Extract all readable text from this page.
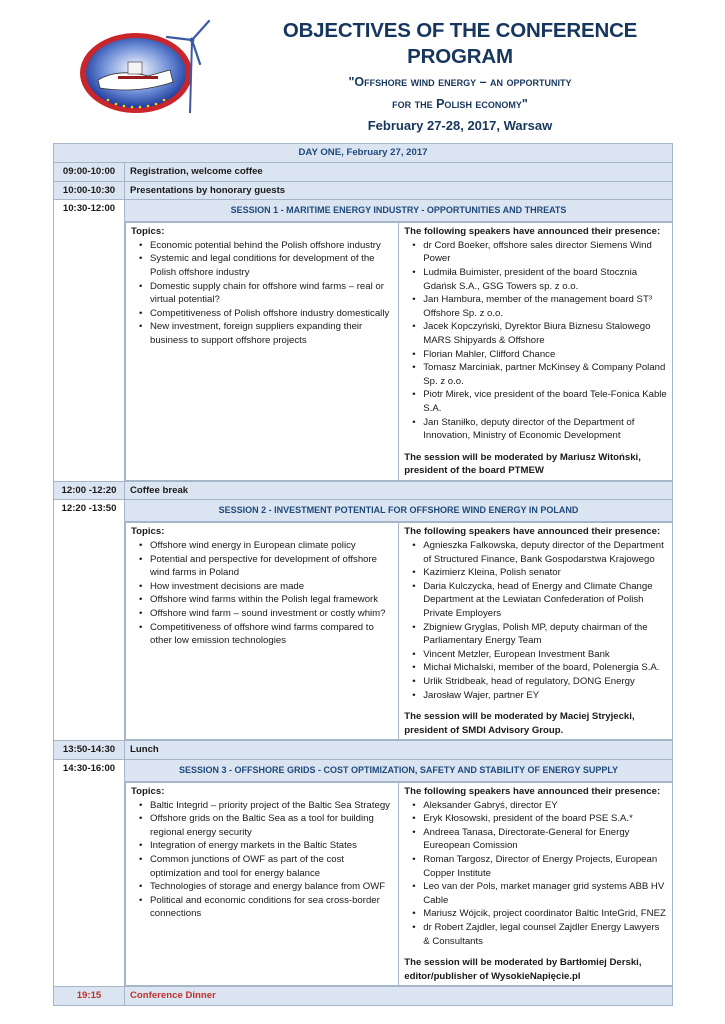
OBJECTIVES OF THE CONFERENCE PROGRAM
"Offshore wind energy – an opportunity
for the Polish economy"
February 27-28, 2017, Warsaw
DAY ONE, February 27, 2017
09:00-10:00	Registration, welcome coffee
10:00-10:30	Presentations by honorary guests
10:30-12:00	SESSION 1 - MARITIME ENERGY INDUSTRY - OPPORTUNITIES AND THREATS

Topics:
• Economic potential behind the Polish offshore industry
• Systemic and legal conditions for development of the Polish offshore industry
• Domestic supply chain for offshore wind farms – real or virtual potential?
• Competitiveness of Polish offshore industry domestically
• New investment, foreign suppliers expanding their business to support offshore projects

The following speakers have announced their presence:
• dr Cord Boeker, offshore sales director Siemens Wind Power
• Ludmiła Buimister, president of the board Stocznia Gdańsk S.A., GSG Towers sp. z o.o.
• Jan Hambura, member of the management board ST³ Offshore Sp. z o.o.
• Jacek Kopczyński, Dyrektor Biura Biznesu Stalowego MARS Shipyards & Offshore
• Florian Mahler, Clifford Chance
• Tomasz Marciniak, partner McKinsey & Company Poland Sp. z o.o.
• Piotr Mirek, vice president of the board Tele-Fonica Kable S.A.
• Jan Staniłko, deputy director of the Department of Innovation, Ministry of Economic Development
The session will be moderated by Mariusz Witoński, president of the board PTMEW

12:00 -12:20	Coffee break
12:20 -13:50	SESSION 2 - INVESTMENT POTENTIAL FOR OFFSHORE WIND ENERGY IN POLAND

Topics:
• Offshore wind energy in European climate policy
• Potential and perspective for development of offshore wind farms in Poland
• How investment decisions are made
• Offshore wind farms within the Polish legal framework
• Offshore wind farm – sound investment or costly whim?
• Competitiveness of offshore wind farms compared to other low emission technologies

The following speakers have announced their presence:
• Agnieszka Falkowska, deputy director of the Department of Structured Finance, Bank Gospodarstwa Krajowego
• Kazimierz Kleina, Polish senator
• Daria Kulczycka, head of Energy and Climate Change Department at the Lewiatan Confederation of Polish Private Employers
• Zbigniew Gryglas, Polish MP, deputy chairman of the Parliamentary Energy Team
• Vincent Metzler, European Investment Bank
• Michał Michalski, member of the board, Polenergia S.A.
• Urlik Stridbeak, head of regulatory, DONG Energy
• Jarosław Wajer, partner EY
The session will be moderated by Maciej Stryjecki, president of SMDI Advisory Group.

13:50-14:30	Lunch
14:30-16:00	SESSION 3 - OFFSHORE GRIDS - COST OPTIMIZATION, SAFETY AND STABILITY OF ENERGY SUPPLY

Topics:
• Baltic Integrid – priority project of the Baltic Sea Strategy
• Offshore grids on the Baltic Sea as a tool for building regional energy security
• Integration of energy markets in the Baltic States
• Common junctions of OWF as part of the cost optimization and tool for energy balance
• Technologies of storage and energy balance from OWF
• Political and economic conditions for sea cross-border connections

The following speakers have announced their presence:
• Aleksander Gabryś, director EY
• Eryk Kłosowski, president of the board PSE S.A.*
• Andreea Tanasa, Directorate-General for Energy Eureopean Comission
• Roman Targosz, Director of Energy Projects, European Copper Institute
• Leo van der Pols, market manager grid systems ABB HV Cable
• Mariusz Wójcik, project coordinator Baltic InteGrid, FNEZ
• dr Robert Zajdler, legal counsel Zajdler Energy Lawyers & Consultants
The session will be moderated by Bartłomiej Derski, editor/publisher of WysokieNapięcie.pl

19:15	Conference Dinner
